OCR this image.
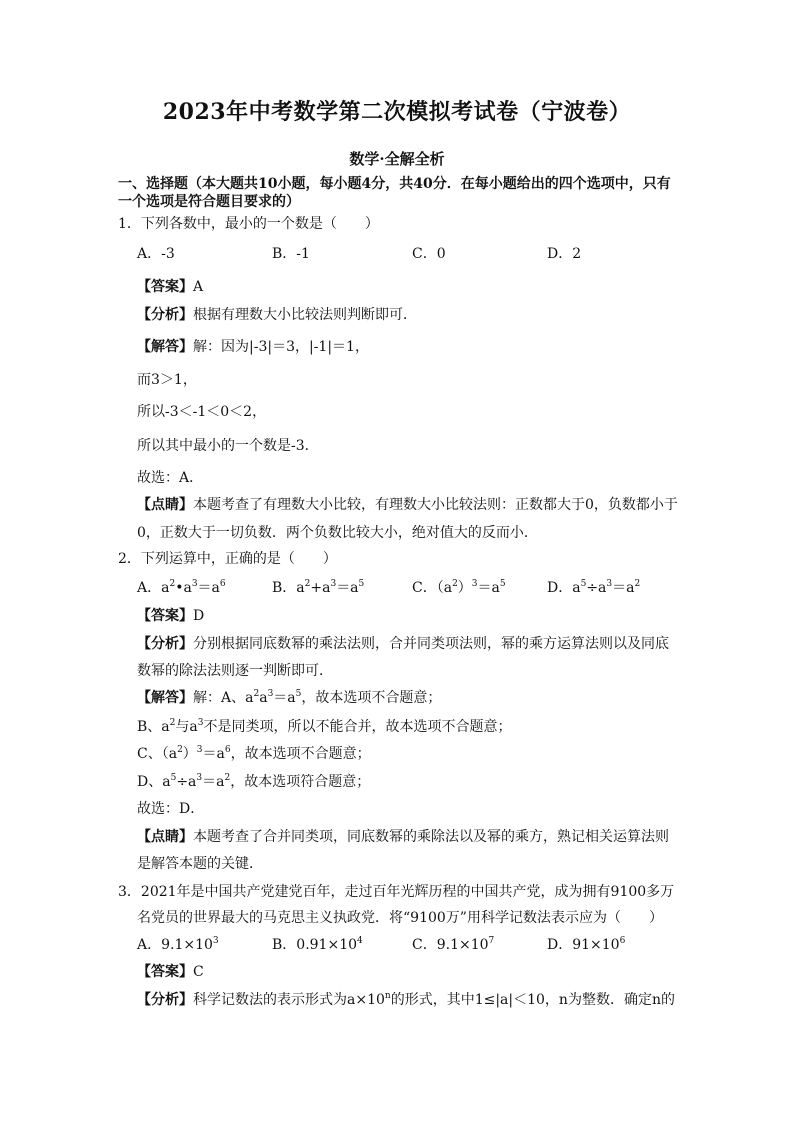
2023年中考数学第二次模拟考试卷（宁波卷）
数学·全解全析
一、选择题（本大题共10小题，每小题4分，共40分．在每小题给出的四个选项中，只有
一个选项是符合题目要求的）
1．下列各数中，最小的一个数是（　　）
A．-3	B．-1	C．0	D．2
【答案】A
【分析】根据有理数大小比较法则判断即可．
【解答】解：因为|-3|＝3，|-1|＝1，
而3＞1，
所以-3＜-1＜0＜2，
所以其中最小的一个数是-3．
故选：A．
【点睛】本题考查了有理数大小比较，有理数大小比较法则：正数都大于0，负数都小于
0，正数大于一切负数．两个负数比较大小，绝对值大的反而小．
2．下列运算中，正确的是（　　）
A．$a^2•a^3=a^6$	B．$a^2+a^3=a^5$	C．$(a^2)^3=a^5$	D．$a^5\div a^3=a^2$
【答案】D
【分析】分别根据同底数幂的乘法法则，合并同类项法则，幂的乘方运算法则以及同底
数幂的除法法则逐一判断即可．
【解答】解：A、$a^2a^3=a^5$，故本选项不合题意；
B、$a^2$与$a^3$不是同类项，所以不能合并，故本选项不合题意；
C、$(a^2)^3=a^6$，故本选项不合题意；
D、$a^5\div a^3=a^2$，故本选项符合题意；
故选：D．
【点睛】本题考查了合并同类项，同底数幂的乘除法以及幂的乘方，熟记相关运算法则
是解答本题的关键．
3．2021年是中国共产党建党百年，走过百年光辉历程的中国共产党，成为拥有9100多万
名党员的世界最大的马克思主义执政党．将“9100万”用科学记数法表示应为（　　）
A．$9.1\times 10^3$	B．$0.91\times 10^4$	C．$9.1\times 10^7$	D．$91\times 10^6$
【答案】C
【分析】科学记数法的表示形式为$a\times 10^n$的形式，其中1≤|a|＜10，n为整数．确定n的
